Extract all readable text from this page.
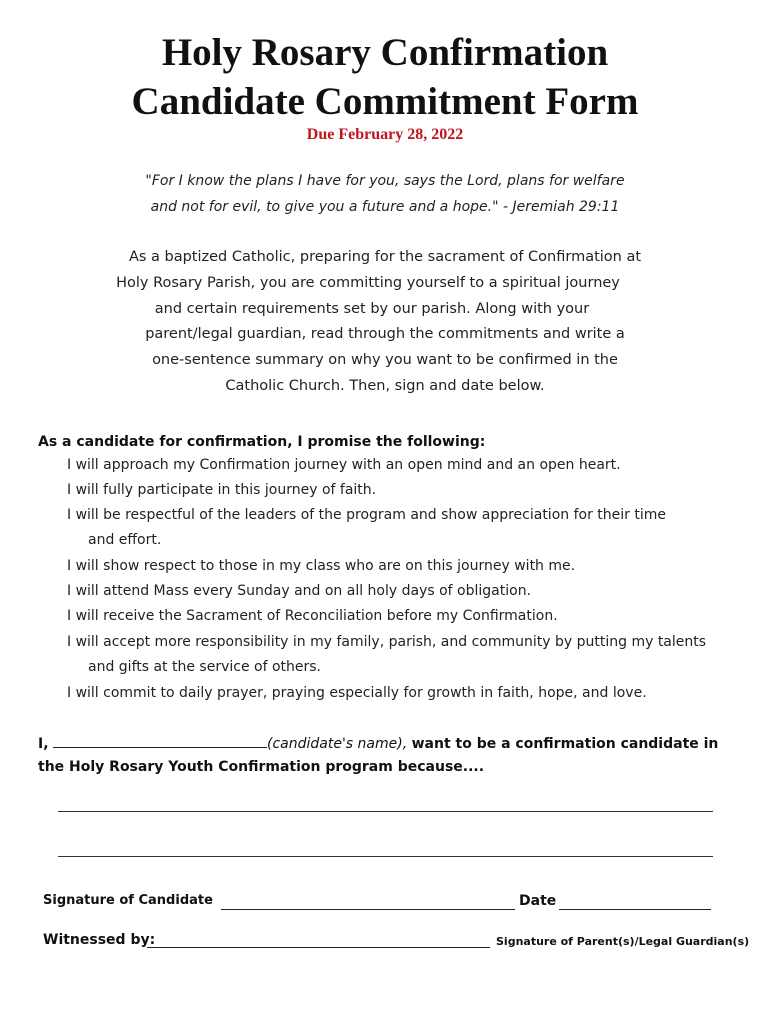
Holy Rosary Confirmation
Candidate Commitment Form
Due February 28, 2022
"For I know the plans I have for you, says the Lord, plans for welfare
and not for evil, to give you a future and a hope." - Jeremiah 29:11
As a baptized Catholic, preparing for the sacrament of Confirmation at
Holy Rosary Parish, you are committing yourself to a spiritual journey
and certain requirements set by our parish. Along with your
parent/legal guardian, read through the commitments and write a
one-sentence summary on why you want to be confirmed in the
Catholic Church. Then, sign and date below.
As a candidate for confirmation, I promise the following:
I will approach my Confirmation journey with an open mind and an open heart.
I will fully participate in this journey of faith.
I will be respectful of the leaders of the program and show appreciation for their time
and effort.
I will show respect to those in my class who are on this journey with me.
I will attend Mass every Sunday and on all holy days of obligation.
I will receive the Sacrament of Reconciliation before my Confirmation.
I will accept more responsibility in my family, parish, and community by putting my talents
and gifts at the service of others.
I will commit to daily prayer, praying especially for growth in faith, hope, and love.
I,	(candidate's name), want to be a confirmation candidate in
the Holy Rosary Youth Confirmation program because....
Signature of Candidate	Date
Witnessed by:	Signature of Parent(s)/Legal Guardian(s)
